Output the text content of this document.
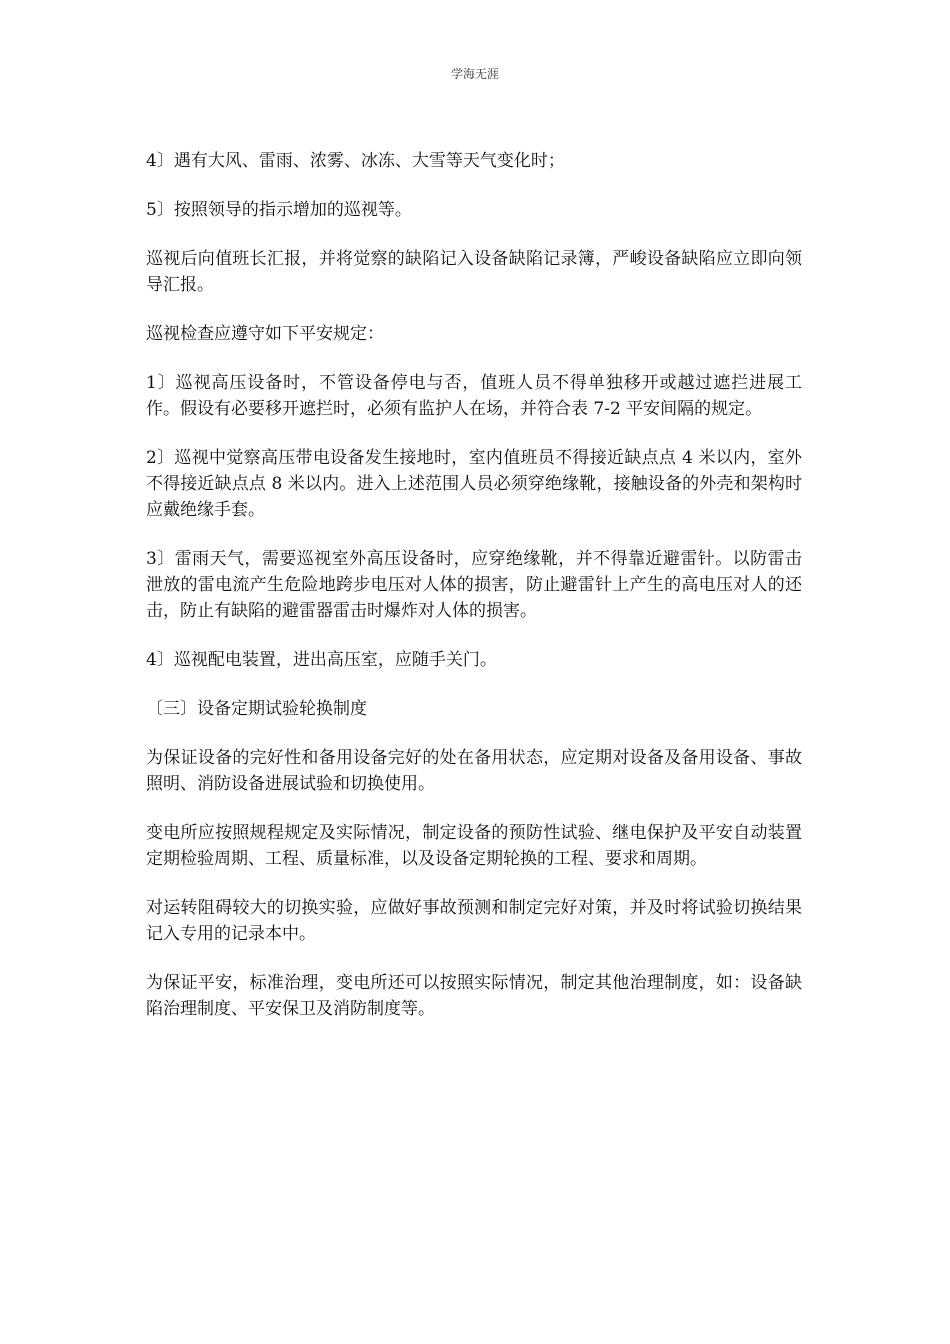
学海无涯

4〕遇有大风、雷雨、浓雾、冰冻、大雪等天气变化时；

5〕按照领导的指示增加的巡视等。

巡视后向值班长汇报，并将觉察的缺陷记入设备缺陷记录簿，严峻设备缺陷应立即向领导汇报。

巡视检查应遵守如下平安规定：

1〕巡视高压设备时，不管设备停电与否，值班人员不得单独移开或越过遮拦进展工作。假设有必要移开遮拦时，必须有监护人在场，并符合表 7-2 平安间隔的规定。

2〕巡视中觉察高压带电设备发生接地时，室内值班员不得接近缺点点 4 米以内，室外不得接近缺点点 8 米以内。进入上述范围人员必须穿绝缘靴，接触设备的外壳和架构时应戴绝缘手套。

3〕雷雨天气，需要巡视室外高压设备时，应穿绝缘靴，并不得靠近避雷针。以防雷击泄放的雷电流产生危险地跨步电压对人体的损害，防止避雷针上产生的高电压对人的还击，防止有缺陷的避雷器雷击时爆炸对人体的损害。

4〕巡视配电装置，进出高压室，应随手关门。

〔三〕设备定期试验轮换制度

为保证设备的完好性和备用设备完好的处在备用状态，应定期对设备及备用设备、事故照明、消防设备进展试验和切换使用。

变电所应按照规程规定及实际情况，制定设备的预防性试验、继电保护及平安自动装置定期检验周期、工程、质量标准，以及设备定期轮换的工程、要求和周期。

对运转阻碍较大的切换实验，应做好事故预测和制定完好对策，并及时将试验切换结果记入专用的记录本中。

为保证平安，标准治理，变电所还可以按照实际情况，制定其他治理制度，如：设备缺陷治理制度、平安保卫及消防制度等。
